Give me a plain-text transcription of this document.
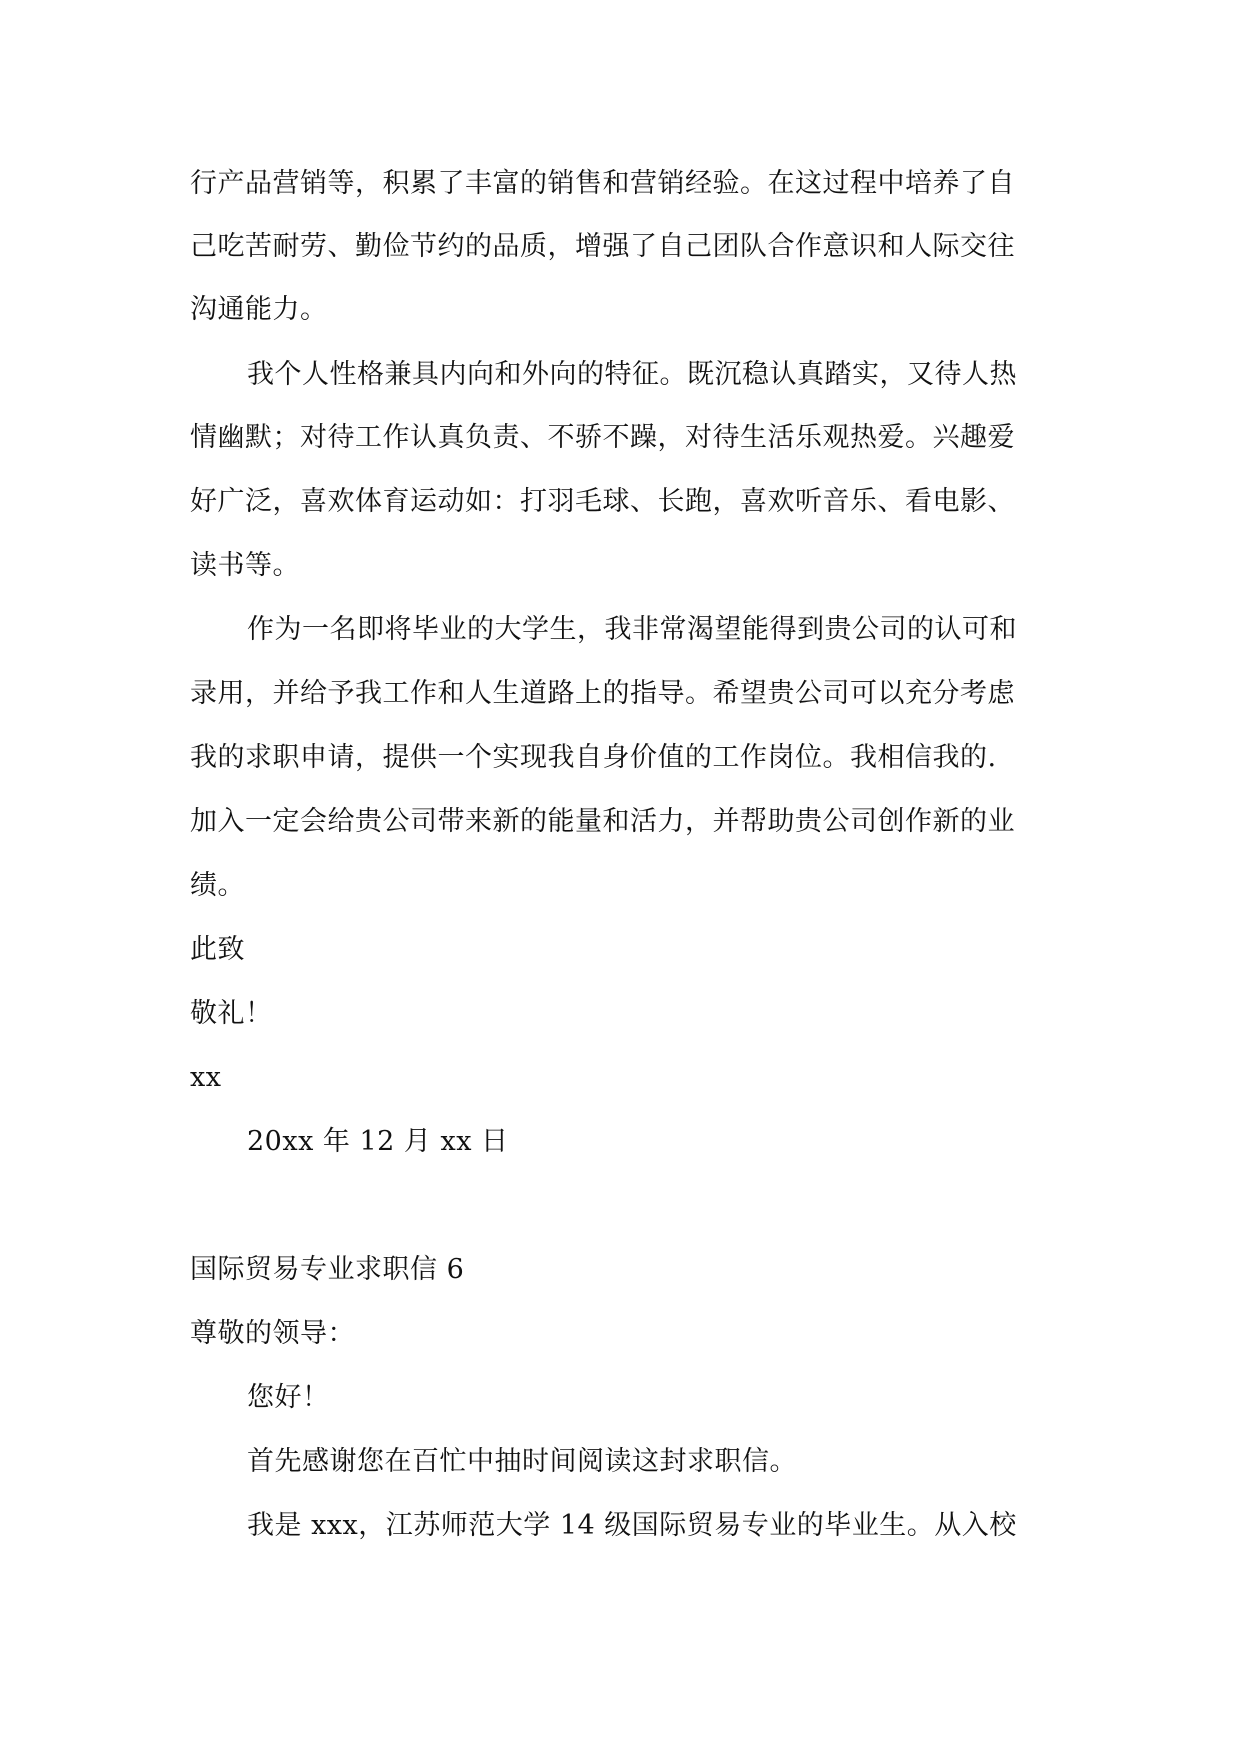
行产品营销等，积累了丰富的销售和营销经验。在这过程中培养了自
己吃苦耐劳、勤俭节约的品质，增强了自己团队合作意识和人际交往
沟通能力。
我个人性格兼具内向和外向的特征。既沉稳认真踏实，又待人热
情幽默；对待工作认真负责、不骄不躁，对待生活乐观热爱。兴趣爱
好广泛，喜欢体育运动如：打羽毛球、长跑，喜欢听音乐、看电影、
读书等。
作为一名即将毕业的大学生，我非常渴望能得到贵公司的认可和
录用，并给予我工作和人生道路上的指导。希望贵公司可以充分考虑
我的求职申请，提供一个实现我自身价值的工作岗位。我相信我的.
加入一定会给贵公司带来新的能量和活力，并帮助贵公司创作新的业
绩。
此致
敬礼！
xx
20xx 年 12 月 xx 日
国际贸易专业求职信 6
尊敬的领导：
您好！
首先感谢您在百忙中抽时间阅读这封求职信。
我是 xxx，江苏师范大学 14 级国际贸易专业的毕业生。从入校
